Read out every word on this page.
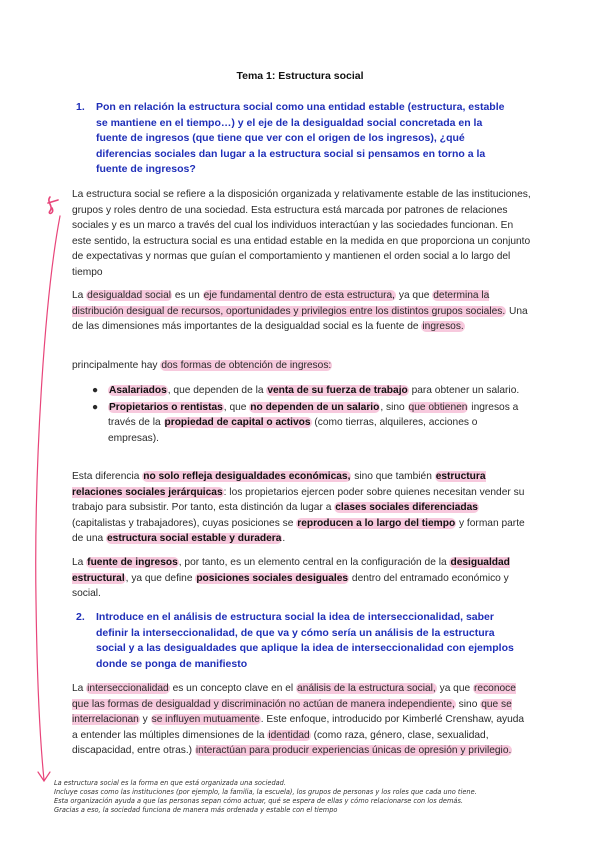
Tema 1: Estructura social
1. Pon en relación la estructura social como una entidad estable (estructura, estable se mantiene en el tiempo…) y el eje de la desigualdad social concretada en la fuente de ingresos (que tiene que ver con el origen de los ingresos), ¿qué diferencias sociales dan lugar a la estructura social si pensamos en torno a la fuente de ingresos?
La estructura social se refiere a la disposición organizada y relativamente estable de las instituciones, grupos y roles dentro de una sociedad. Esta estructura está marcada por patrones de relaciones sociales y es un marco a través del cual los individuos interactúan y las sociedades funcionan. En este sentido, la estructura social es una entidad estable en la medida en que proporciona un conjunto de expectativas y normas que guían el comportamiento y mantienen el orden social a lo largo del tiempo
La desigualdad social es un eje fundamental dentro de esta estructura, ya que determina la distribución desigual de recursos, oportunidades y privilegios entre los distintos grupos sociales. Una de las dimensiones más importantes de la desigualdad social es la fuente de ingresos.
principalmente hay dos formas de obtención de ingresos:
● Asalariados, que dependen de la venta de su fuerza de trabajo para obtener un salario.
● Propietarios o rentistas, que no dependen de un salario, sino que obtienen ingresos a través de la propiedad de capital o activos (como tierras, alquileres, acciones o empresas).
Esta diferencia no solo refleja desigualdades económicas, sino que también estructura relaciones sociales jerárquicas: los propietarios ejercen poder sobre quienes necesitan vender su trabajo para subsistir. Por tanto, esta distinción da lugar a clases sociales diferenciadas (capitalistas y trabajadores), cuyas posiciones se reproducen a lo largo del tiempo y forman parte de una estructura social estable y duradera.
La fuente de ingresos, por tanto, es un elemento central en la configuración de la desigualdad estructural, ya que define posiciones sociales desiguales dentro del entramado económico y social.
2. Introduce en el análisis de estructura social la idea de interseccionalidad, saber definir la interseccionalidad, de que va y cómo sería un análisis de la estructura social y a las desigualdades que aplique la idea de interseccionalidad con ejemplos donde se ponga de manifiesto
La interseccionalidad es un concepto clave en el análisis de la estructura social, ya que reconoce que las formas de desigualdad y discriminación no actúan de manera independiente, sino que se interrelacionan y se influyen mutuamente. Este enfoque, introducido por Kimberlé Crenshaw, ayuda a entender las múltiples dimensiones de la identidad (como raza, género, clase, sexualidad, discapacidad, entre otras.) interactúan para producir experiencias únicas de opresión y privilegio.
La estructura social es la forma en que está organizada una sociedad.
Incluye cosas como las instituciones (por ejemplo, la familia, la escuela), los grupos de personas y los roles que cada uno tiene.
Esta organización ayuda a que las personas sepan cómo actuar, qué se espera de ellas y cómo relacionarse con los demás.
Gracias a eso, la sociedad funciona de manera más ordenada y estable con el tiempo
